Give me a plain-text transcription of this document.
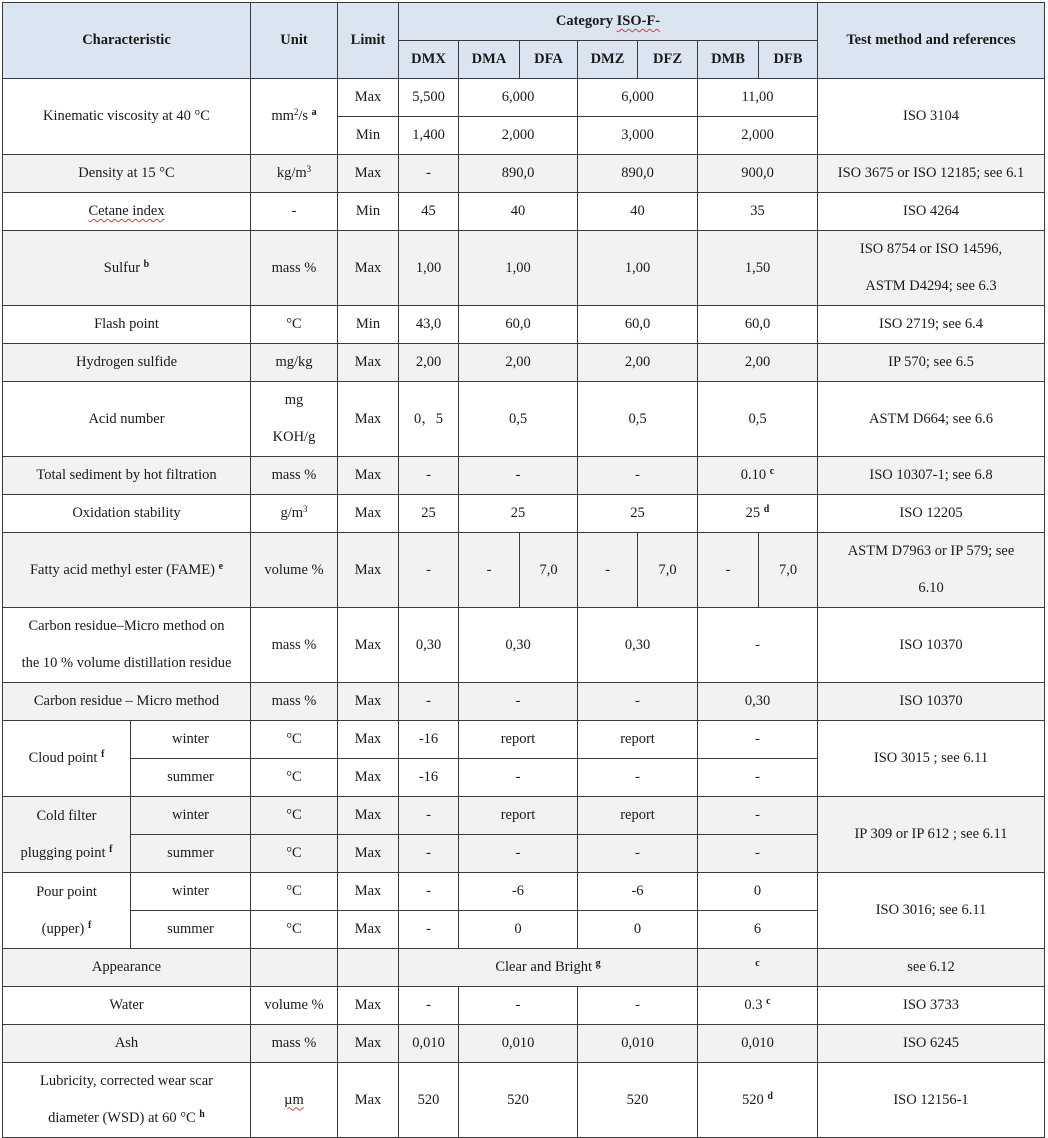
Characteristic		Unit	Limit	Category ISO-F-							Test method and references
				DMX	DMA	DFA	DMZ	DFZ	DMB	DFB	
Kinematic viscosity at 40 °C		$mm^2/s$ $^a$	Max	5,500	6,000		6,000		11,00		ISO 3104
			Min	1,400	2,000		3,000		2,000		
Density at 15 °C		$kg/m^3$	Max	-	890,0		890,0		900,0		ISO 3675 or ISO 12185; see 6.1
Cetane index		-	Min	45	40		40		35		ISO 4264
Sulfur $^b$		mass %	Max	1,00	1,00		1,00		1,50		ISO 8754 or ISO 14596,
ASTM D4294; see 6.3

Flash point		°C	Min	43,0	60,0		60,0		60,0		ISO 2719; see 6.4
Hydrogen sulfide		mg/kg	Max	2,00	2,00		2,00		2,00		IP 570; see 6.5
Acid number		mg
KOH/g	Max	0，5	0,5		0,5		0,5		ASTM D664; see 6.6
Total sediment by hot filtration		mass %	Max	-	-		-		0.10 $^c$		ISO 10307-1; see 6.8
Oxidation stability		$g/m^3$	Max	25	25		25		25 $^d$		ISO 12205
Fatty acid methyl ester (FAME) $^e$		volume %	Max	-	-	7,0	-	7,0	-	7,0	ASTM D7963 or IP 579; see
6.10

Carbon residue–Micro method on
the 10 % volume distillation residue		mass %	Max	0,30	0,30		0,30		-		ISO 10370
Carbon residue – Micro method		mass %	Max	-	-		-		0,30		ISO 10370
Cloud point $^f$	winter	°C	Max	-16	report		report		-		ISO 3015 ; see 6.11
	summer	°C	Max	-16	-		-		-		

Cold filter
plugging point $^f$	winter	°C	Max	-	report		report		-		IP 309 or IP 612 ; see 6.11
	summer	°C	Max	-	-		-		-		

Pour point
(upper) $^f$	winter	°C	Max	-	-6		-6		0		ISO 3016; see 6.11
	summer	°C	Max	-	0		0		6		
Appearance				Clear and Bright $^g$					$^c$		see 6.12
Water		volume %	Max	-	-		-		0.3 $^c$		ISO 3733
Ash		mass %	Max	0,010	0,010		0,010		0,010		ISO 6245

Lubricity, corrected wear scar
diameter (WSD) at 60 °C $^h$		µm	Max	520	520		520		520 $^d$		ISO 12156-1
